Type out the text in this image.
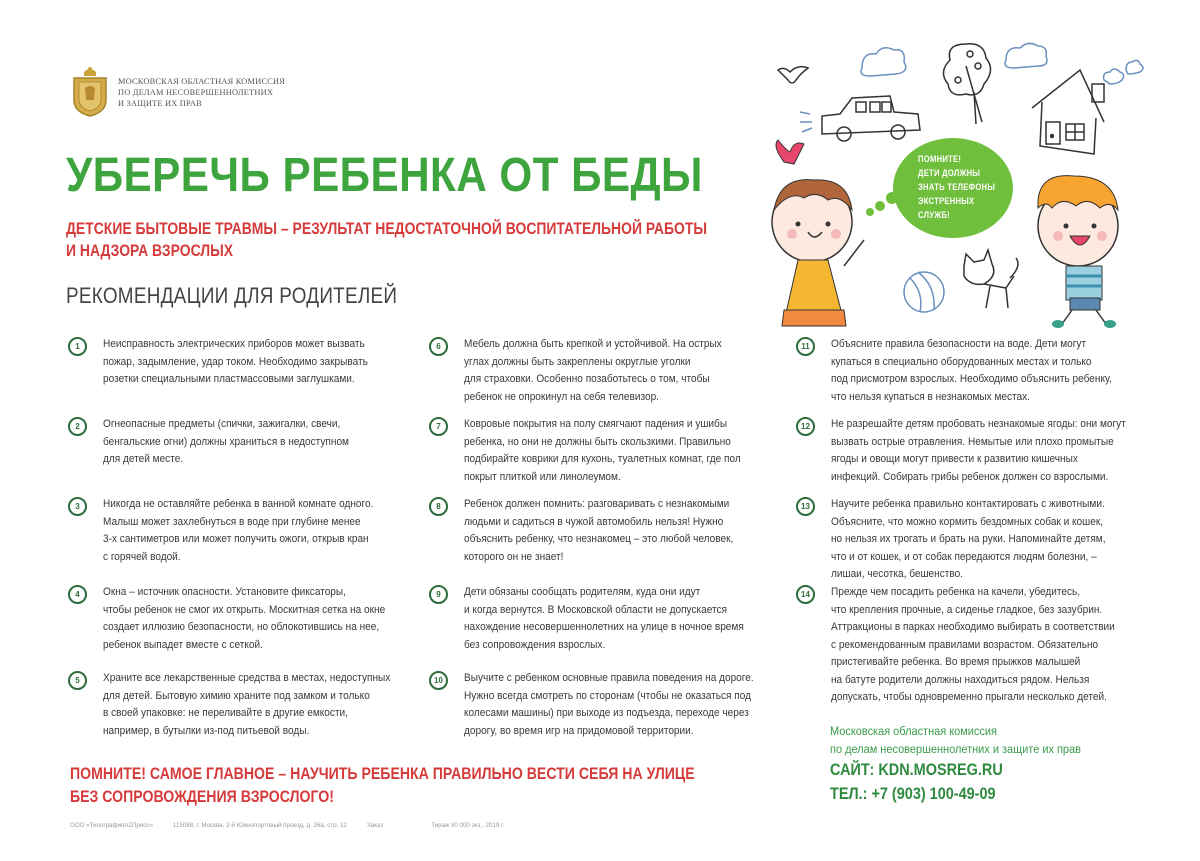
МОСКОВСКАЯ ОБЛАСТНАЯ КОМИССИЯ
ПО ДЕЛАМ НЕСОВЕРШЕННОЛЕТНИХ
И ЗАЩИТЕ ИХ ПРАВ
УБЕРЕЧЬ РЕБЕНКА ОТ БЕДЫ
ДЕТСКИЕ БЫТОВЫЕ ТРАВМЫ – РЕЗУЛЬТАТ НЕДОСТАТОЧНОЙ ВОСПИТАТЕЛЬНОЙ РАБОТЫ
И НАДЗОРА ВЗРОСЛЫХ
РЕКОМЕНДАЦИИ ДЛЯ РОДИТЕЛЕЙ
ПОМНИТЕ!
ДЕТИ ДОЛЖНЫ
ЗНАТЬ ТЕЛЕФОНЫ
ЭКСТРЕННЫХ
СЛУЖБ!
1	Неисправность электрических приборов может вызвать
пожар, задымление, удар током. Необходимо закрывать
розетки специальными пластмассовыми заглушками.
2	Огнеопасные предметы (спички, зажигалки, свечи,
бенгальские огни) должны храниться в недоступном
для детей месте.
3	Никогда не оставляйте ребенка в ванной комнате одного.
Малыш может захлебнуться в воде при глубине менее
3-х сантиметров или может получить ожоги, открыв кран
с горячей водой.
4	Окна – источник опасности. Установите фиксаторы,
чтобы ребенок не смог их открыть. Москитная сетка на окне
создает иллюзию безопасности, но облокотившись на нее,
ребенок выпадет вместе с сеткой.
5	Храните все лекарственные средства в местах, недоступных
для детей. Бытовую химию храните под замком и только
в своей упаковке: не переливайте в другие емкости,
например, в бутылки из-под питьевой воды.
6	Мебель должна быть крепкой и устойчивой. На острых
углах должны быть закреплены округлые уголки
для страховки. Особенно позаботьтесь о том, чтобы
ребенок не опрокинул на себя телевизор.
7	Ковровые покрытия на полу смягчают падения и ушибы
ребенка, но они не должны быть скользкими. Правильно
подбирайте коврики для кухонь, туалетных комнат, где пол
покрыт плиткой или линолеумом.
8	Ребенок должен помнить: разговаривать с незнакомыми
людьми и садиться в чужой автомобиль нельзя! Нужно
объяснить ребенку, что незнакомец – это любой человек,
которого он не знает!
9	Дети обязаны сообщать родителям, куда они идут
и когда вернутся. В Московской области не допускается
нахождение несовершеннолетних на улице в ночное время
без сопровождения взрослых.
10	Выучите с ребенком основные правила поведения на дороге.
Нужно всегда смотреть по сторонам (чтобы не оказаться под
колесами машины) при выходе из подъезда, переходе через
дорогу, во время игр на придомовой территории.
11	Объясните правила безопасности на воде. Дети могут
купаться в специально оборудованных местах и только
под присмотром взрослых. Необходимо объяснить ребенку,
что нельзя купаться в незнакомых местах.
12	Не разрешайте детям пробовать незнакомые ягоды: они могут
вызвать острые отравления. Немытые или плохо промытые
ягоды и овощи могут привести к развитию кишечных
инфекций. Собирать грибы ребенок должен со взрослыми.
13	Научите ребенка правильно контактировать с животными.
Объясните, что можно кормить бездомных собак и кошек,
но нельзя их трогать и брать на руки. Напоминайте детям,
что и от кошек, и от собак передаются людям болезни, –
лишаи, чесотка, бешенство.
14	Прежде чем посадить ребенка на качели, убедитесь,
что крепления прочные, а сиденье гладкое, без зазубрин.
Аттракционы в парках необходимо выбирать в соответствии
с рекомендованным правилами возрастом. Обязательно
пристегивайте ребенка. Во время прыжков малышей
на батуте родители должны находиться рядом. Нельзя
допускать, чтобы одновременно прыгали несколько детей.
ПОМНИТЕ! САМОЕ ГЛАВНОЕ – НАУЧИТЬ РЕБЕНКА ПРАВИЛЬНО ВЕСТИ СЕБЯ НА УЛИЦЕ
БЕЗ СОПРОВОЖДЕНИЯ ВЗРОСЛОГО!
Московская областная комиссия
по делам несовершеннолетних и защите их прав
САЙТ: KDN.MOSREG.RU
ТЕЛ.: +7 (903) 100-49-09
ООО «ТипографияА2Пресс»	115088, г. Москва, 2-й Южнопортовый проезд, д. 26а, стр. 12	Заказ	Тираж 30 000 экз., 2019 г.
